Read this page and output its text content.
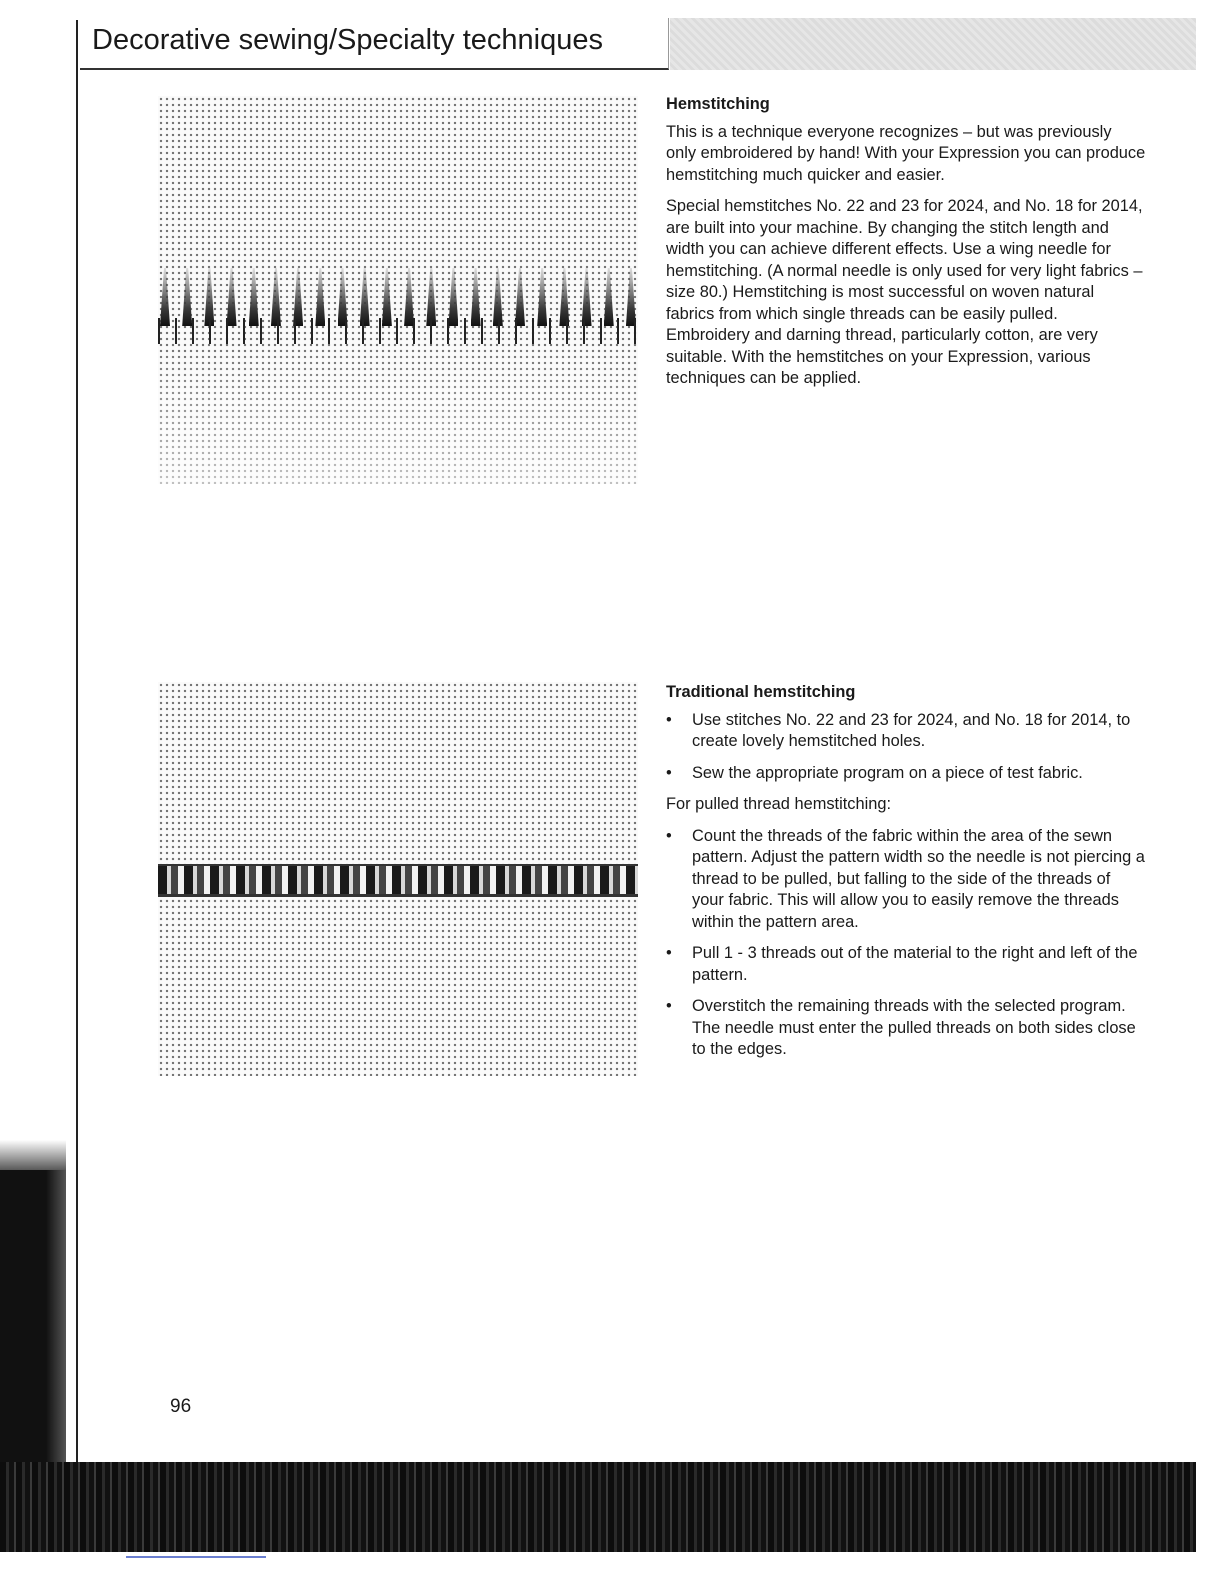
Decorative sewing/Specialty techniques
Hemstitching

This is a technique everyone recognizes – but was previously only embroidered by hand! With your Expression you can produce hemstitching much quicker and easier.

Special hemstitches No. 22 and 23 for 2024, and No. 18 for 2014, are built into your machine. By changing the stitch length and width you can achieve different effects. Use a wing needle for hemstitching. (A normal needle is only used for very light fabrics – size 80.) Hemstitching is most successful on woven natural fabrics from which single threads can be easily pulled. Embroidery and darning thread, particularly cotton, are very suitable. With the hemstitches on your Expression, various techniques can be applied.

Traditional hemstitching
• Use stitches No. 22 and 23 for 2024, and No. 18 for 2014, to create lovely hemstitched holes.
• Sew the appropriate program on a piece of test fabric.

For pulled thread hemstitching:

• Count the threads of the fabric within the area of the sewn pattern. Adjust the pattern width so the needle is not piercing a thread to be pulled, but falling to the side of the threads of your fabric. This will allow you to easily remove the threads within the pattern area.
• Pull 1 - 3 threads out of the material to the right and left of the pattern.
• Overstitch the remaining threads with the selected program. The needle must enter the pulled threads on both sides close to the edges.
96
